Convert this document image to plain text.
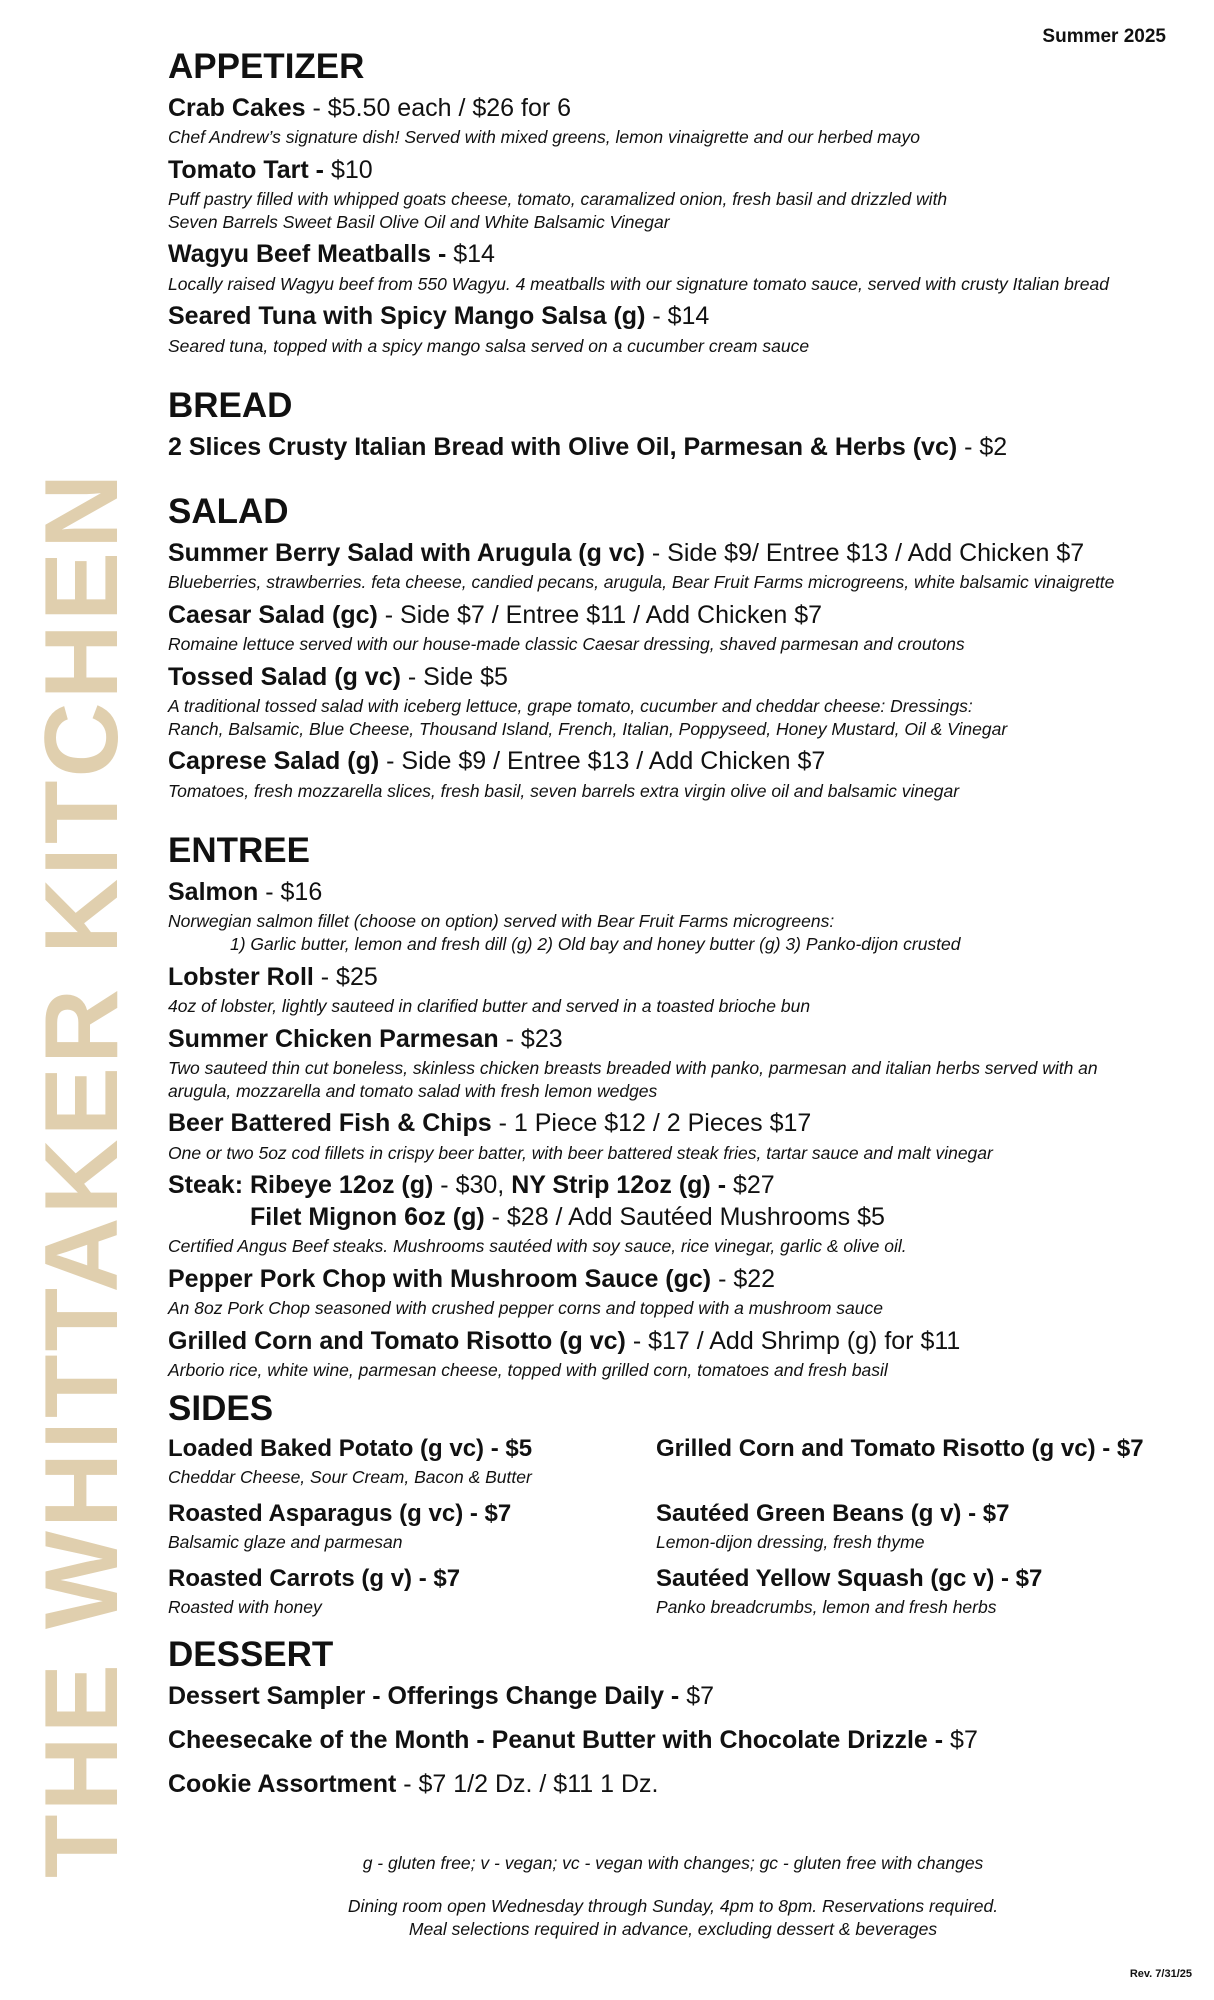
Summer 2025
THE WHITTAKER KITCHEN
APPETIZER

Crab Cakes - $5.50 each / $26 for 6

Chef Andrew’s signature dish! Served with mixed greens, lemon vinaigrette and our herbed mayo

Tomato Tart - $10

Puff pastry filled with whipped goats cheese, tomato, caramalized onion, fresh basil and drizzled with
Seven Barrels Sweet Basil Olive Oil and White Balsamic Vinegar

Wagyu Beef Meatballs - $14

Locally raised Wagyu beef from 550 Wagyu. 4 meatballs with our signature tomato sauce, served with crusty Italian bread

Seared Tuna with Spicy Mango Salsa (g) - $14

Seared tuna, topped with a spicy mango salsa served on a cucumber cream sauce

BREAD

2 Slices Crusty Italian Bread with Olive Oil, Parmesan & Herbs (vc) - $2

SALAD

Summer Berry Salad with Arugula (g vc) - Side $9/ Entree $13 / Add Chicken $7

Blueberries, strawberries. feta cheese, candied pecans, arugula, Bear Fruit Farms microgreens, white balsamic vinaigrette

Caesar Salad (gc) - Side $7 / Entree $11 / Add Chicken $7

Romaine lettuce served with our house-made classic Caesar dressing, shaved parmesan and croutons

Tossed Salad (g vc) - Side $5

A traditional tossed salad with iceberg lettuce, grape tomato, cucumber and cheddar cheese: Dressings:
Ranch, Balsamic, Blue Cheese, Thousand Island, French, Italian, Poppyseed, Honey Mustard, Oil & Vinegar

Caprese Salad (g) - Side $9 / Entree $13 / Add Chicken $7

Tomatoes, fresh mozzarella slices, fresh basil, seven barrels extra virgin olive oil and balsamic vinegar

ENTREE

Salmon - $16

Norwegian salmon fillet (choose on option) served with Bear Fruit Farms microgreens:
1) Garlic butter, lemon and fresh dill (g) 2) Old bay and honey butter (g) 3) Panko-dijon crusted

Lobster Roll - $25

4oz of lobster, lightly sauteed in clarified butter and served in a toasted brioche bun

Summer Chicken Parmesan - $23

Two sauteed thin cut boneless, skinless chicken breasts breaded with panko, parmesan and italian herbs served with an
arugula, mozzarella and tomato salad with fresh lemon wedges

Beer Battered Fish & Chips - 1 Piece $12 / 2 Pieces $17

One or two 5oz cod fillets in crispy beer batter, with beer battered steak fries, tartar sauce and malt vinegar

Steak: Ribeye 12oz (g) - $30, NY Strip 12oz (g) - $27

Filet Mignon 6oz (g) - $28 / Add Sautéed Mushrooms $5

Certified Angus Beef steaks. Mushrooms sautéed with soy sauce, rice vinegar, garlic & olive oil.

Pepper Pork Chop with Mushroom Sauce (gc) - $22

An 8oz Pork Chop seasoned with crushed pepper corns and topped with a mushroom sauce

Grilled Corn and Tomato Risotto (g vc) - $17 / Add Shrimp (g) for $11

Arborio rice, white wine, parmesan cheese, topped with grilled corn, tomatoes and fresh basil

SIDES

Loaded Baked Potato (g vc) - $5

Cheddar Cheese, Sour Cream, Bacon & Butter

Grilled Corn and Tomato Risotto (g vc) - $7

Roasted Asparagus (g vc) - $7

Balsamic glaze and parmesan

Sautéed Green Beans (g v) - $7

Lemon-dijon dressing, fresh thyme

Roasted Carrots (g v) - $7

Roasted with honey

Sautéed Yellow Squash (gc v) - $7

Panko breadcrumbs, lemon and fresh herbs

DESSERT

Dessert Sampler - Offerings Change Daily - $7

Cheesecake of the Month - Peanut Butter with Chocolate Drizzle - $7

Cookie Assortment - $7 1/2 Dz. / $11 1 Dz.

g - gluten free; v - vegan; vc - vegan with changes; gc - gluten free with changes
Dining room open Wednesday through Sunday, 4pm to 8pm. Reservations required.
Meal selections required in advance, excluding dessert & beverages
Rev. 7/31/25
